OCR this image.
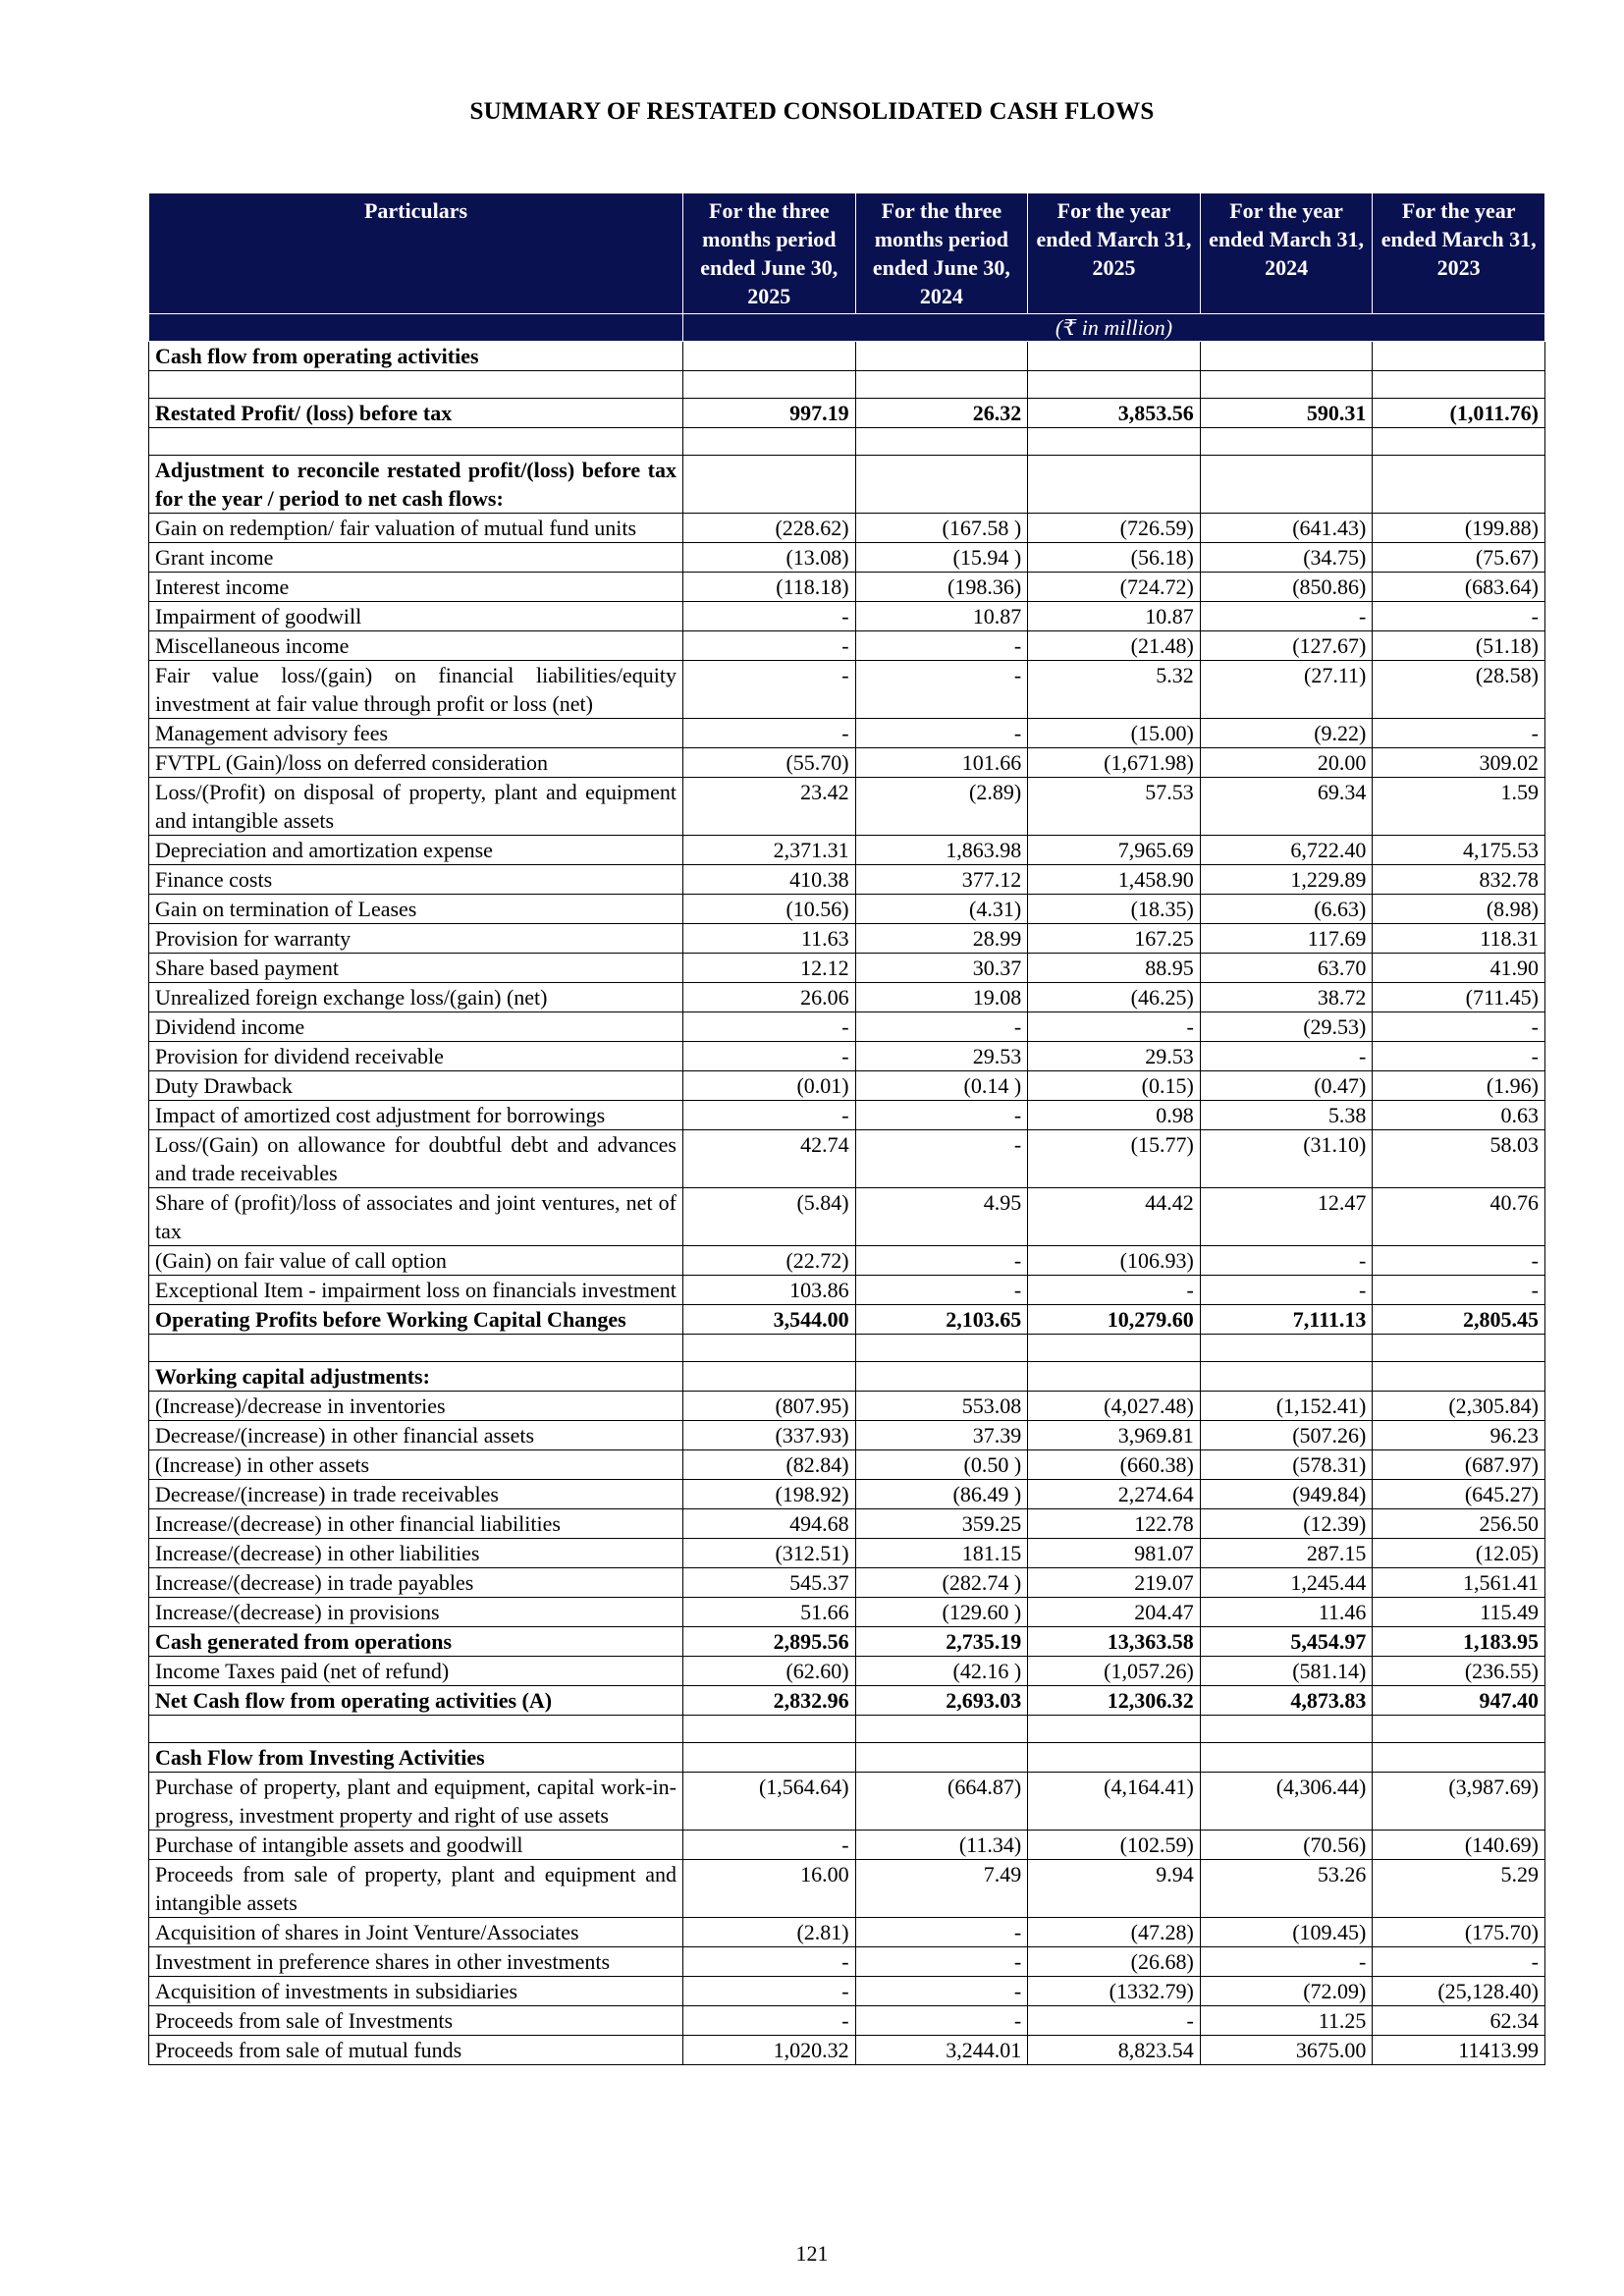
SUMMARY OF RESTATED CONSOLIDATED CASH FLOWS
Particulars	For the three months period ended June 30, 2025	For the three months period ended June 30, 2024	For the year ended March 31, 2025	For the year ended March 31, 2024	For the year ended March 31, 2023
	(₹ in million)				
Cash flow from operating activities					

Restated Profit/ (loss) before tax	997.19	26.32	3,853.56	590.31	(1,011.76)

Adjustment to reconcile restated profit/(loss) before tax for the year / period to net cash flows:					
Gain on redemption/ fair valuation of mutual fund units	(228.62)	(167.58 )	(726.59)	(641.43)	(199.88)
Grant income	(13.08)	(15.94 )	(56.18)	(34.75)	(75.67)
Interest income	(118.18)	(198.36)	(724.72)	(850.86)	(683.64)
Impairment of goodwill	-	10.87	10.87	-	-
Miscellaneous income	-	-	(21.48)	(127.67)	(51.18)
Fair value loss/(gain) on financial liabilities/equity investment at fair value through profit or loss (net)	-	-	5.32	(27.11)	(28.58)
Management advisory fees	-	-	(15.00)	(9.22)	-
FVTPL (Gain)/loss on deferred consideration	(55.70)	101.66	(1,671.98)	20.00	309.02
Loss/(Profit) on disposal of property, plant and equipment and intangible assets	23.42	(2.89)	57.53	69.34	1.59
Depreciation and amortization expense	2,371.31	1,863.98	7,965.69	6,722.40	4,175.53
Finance costs	410.38	377.12	1,458.90	1,229.89	832.78
Gain on termination of Leases	(10.56)	(4.31)	(18.35)	(6.63)	(8.98)
Provision for warranty	11.63	28.99	167.25	117.69	118.31
Share based payment	12.12	30.37	88.95	63.70	41.90
Unrealized foreign exchange loss/(gain) (net)	26.06	19.08	(46.25)	38.72	(711.45)
Dividend income	-	-	-	(29.53)	-
Provision for dividend receivable	-	29.53	29.53	-	-
Duty Drawback	(0.01)	(0.14 )	(0.15)	(0.47)	(1.96)
Impact of amortized cost adjustment for borrowings	-	-	0.98	5.38	0.63
Loss/(Gain) on allowance for doubtful debt and advances and trade receivables	42.74	-	(15.77)	(31.10)	58.03
Share of (profit)/loss of associates and joint ventures, net of tax	(5.84)	4.95	44.42	12.47	40.76
(Gain) on fair value of call option	(22.72)	-	(106.93)	-	-
Exceptional Item - impairment loss on financials investment	103.86	-	-	-	-
Operating Profits before Working Capital Changes	3,544.00	2,103.65	10,279.60	7,111.13	2,805.45

Working capital adjustments:					
(Increase)/decrease in inventories	(807.95)	553.08	(4,027.48)	(1,152.41)	(2,305.84)
Decrease/(increase) in other financial assets	(337.93)	37.39	3,969.81	(507.26)	96.23
(Increase) in other assets	(82.84)	(0.50 )	(660.38)	(578.31)	(687.97)
Decrease/(increase) in trade receivables	(198.92)	(86.49 )	2,274.64	(949.84)	(645.27)
Increase/(decrease) in other financial liabilities	494.68	359.25	122.78	(12.39)	256.50
Increase/(decrease) in other liabilities	(312.51)	181.15	981.07	287.15	(12.05)
Increase/(decrease) in trade payables	545.37	(282.74 )	219.07	1,245.44	1,561.41
Increase/(decrease) in provisions	51.66	(129.60 )	204.47	11.46	115.49
Cash generated from operations	2,895.56	2,735.19	13,363.58	5,454.97	1,183.95
Income Taxes paid (net of refund)	(62.60)	(42.16 )	(1,057.26)	(581.14)	(236.55)
Net Cash flow from operating activities (A)	2,832.96	2,693.03	12,306.32	4,873.83	947.40

Cash Flow from Investing Activities					
Purchase of property, plant and equipment, capital work-in-progress, investment property and right of use assets	(1,564.64)	(664.87)	(4,164.41)	(4,306.44)	(3,987.69)
Purchase of intangible assets and goodwill	-	(11.34)	(102.59)	(70.56)	(140.69)
Proceeds from sale of property, plant and equipment and intangible assets	16.00	7.49	9.94	53.26	5.29
Acquisition of shares in Joint Venture/Associates	(2.81)	-	(47.28)	(109.45)	(175.70)
Investment in preference shares in other investments	-	-	(26.68)	-	-
Acquisition of investments in subsidiaries	-	-	(1332.79)	(72.09)	(25,128.40)
Proceeds from sale of Investments	-	-	-	11.25	62.34
Proceeds from sale of mutual funds	1,020.32	3,244.01	8,823.54	3675.00	11413.99
121
